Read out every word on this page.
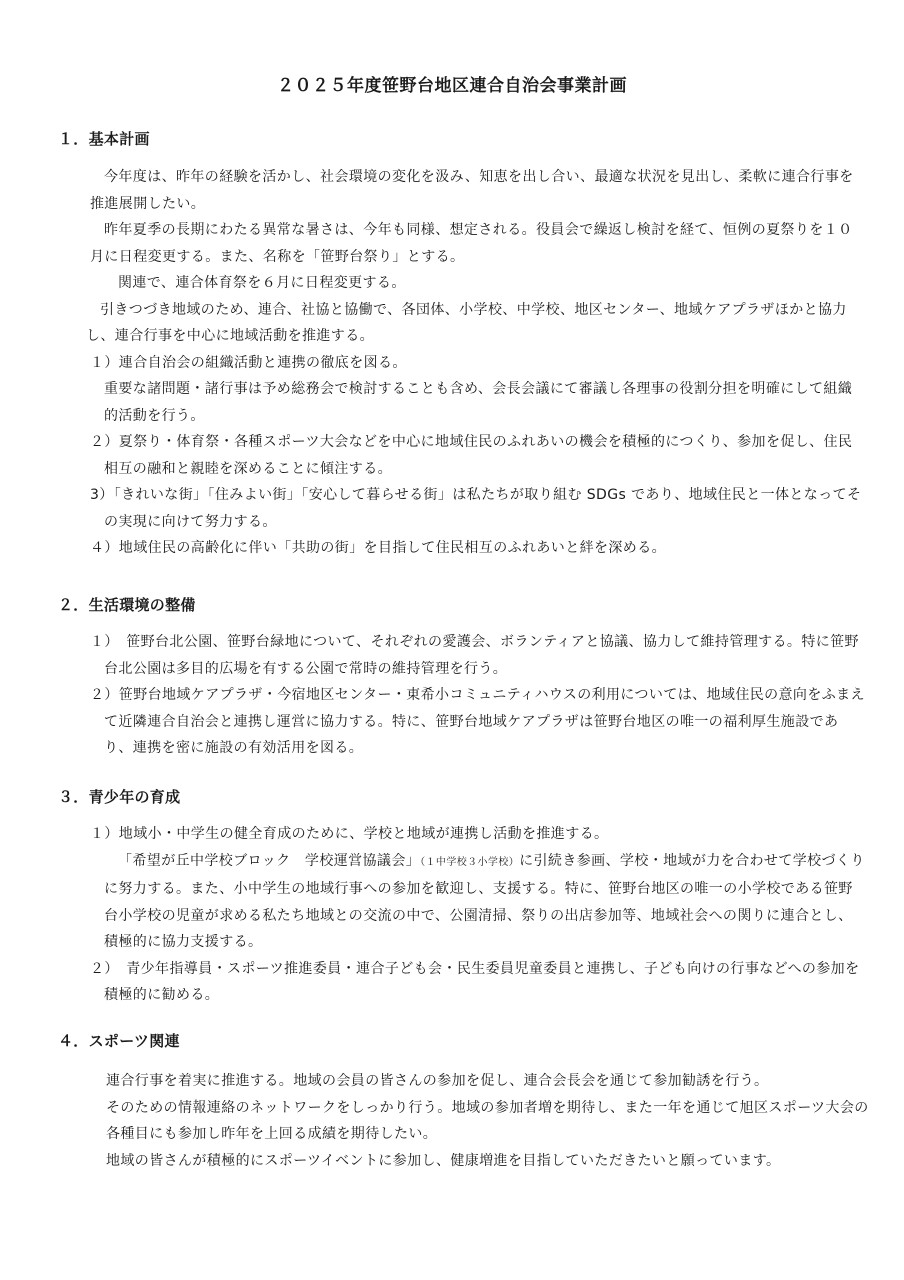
２０２５年度笹野台地区連合自治会事業計画
１．基本計画

今年度は、昨年の経験を活かし、社会環境の変化を汲み、知恵を出し合い、最適な状況を見出し、柔軟に連合行事を推進展開したい。

昨年夏季の長期にわたる異常な暑さは、今年も同様、想定される。役員会で繰返し検討を経て、恒例の夏祭りを１０月に日程変更する。また、名称を「笹野台祭り」とする。

関連で、連合体育祭を６月に日程変更する。

引きつづき地域のため、連合、社協と協働で、各団体、小学校、中学校、地区センター、地域ケアプラザほかと協力し、連合行事を中心に地域活動を推進する。

１）連合自治会の組織活動と連携の徹底を図る。

重要な諸問題・諸行事は予め総務会で検討することも含め、会長会議にて審議し各理事の役割分担を明確にして組織的活動を行う。

２）夏祭り・体育祭・各種スポーツ大会などを中心に地域住民のふれあいの機会を積極的につくり、参加を促し、住民相互の融和と親睦を深めることに傾注する。

3）「きれいな街」「住みよい街」「安心して暮らせる街」は私たちが取り組む SDGs であり、地域住民と一体となってその実現に向けて努力する。

４）地域住民の高齢化に伴い「共助の街」を目指して住民相互のふれあいと絆を深める。

２．生活環境の整備

１）　笹野台北公園、笹野台緑地について、それぞれの愛護会、ボランティアと協議、協力して維持管理する。特に笹野台北公園は多目的広場を有する公園で常時の維持管理を行う。

２）笹野台地域ケアプラザ・今宿地区センター・東希小コミュニティハウスの利用については、地域住民の意向をふまえて近隣連合自治会と連携し運営に協力する。特に、笹野台地域ケアプラザは笹野台地区の唯一の福利厚生施設であり、連携を密に施設の有効活用を図る。

３．青少年の育成

１）地域小・中学生の健全育成のために、学校と地域が連携し活動を推進する。

「希望が丘中学校ブロック　学校運営協議会」（１中学校３小学校）に引続き参画、学校・地域が力を合わせて学校づくりに努力する。また、小中学生の地域行事への参加を歓迎し、支援する。特に、笹野台地区の唯一の小学校である笹野台小学校の児童が求める私たち地域との交流の中で、公園清掃、祭りの出店参加等、地域社会への関りに連合とし、積極的に協力支援する。

２）　青少年指導員・スポーツ推進委員・連合子ども会・民生委員児童委員と連携し、子ども向けの行事などへの参加を積極的に勧める。

４．スポーツ関連

連合行事を着実に推進する。地域の会員の皆さんの参加を促し、連合会長会を通じて参加勧誘を行う。

そのための情報連絡のネットワークをしっかり行う。地域の参加者増を期待し、また一年を通じて旭区スポーツ大会の各種目にも参加し昨年を上回る成績を期待したい。

地域の皆さんが積極的にスポーツイベントに参加し、健康増進を目指していただきたいと願っています。
